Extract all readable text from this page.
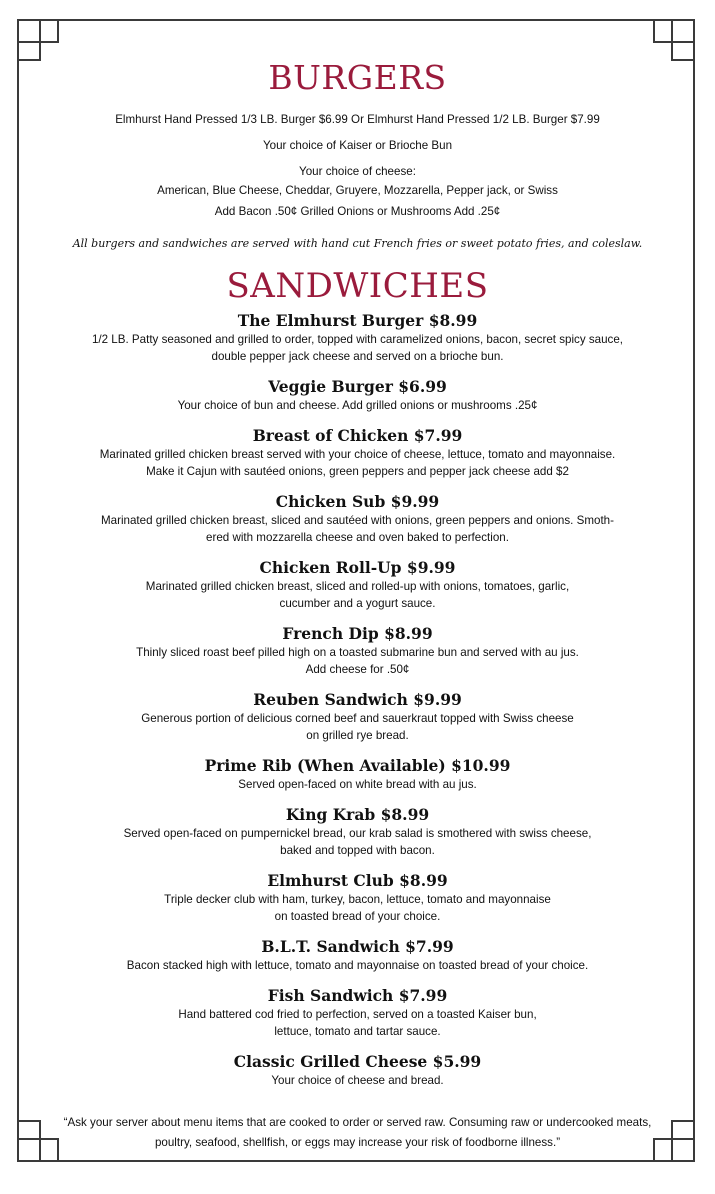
BURGERS
Elmhurst Hand Pressed 1/3 LB. Burger $6.99 Or Elmhurst Hand Pressed 1/2 LB. Burger $7.99
Your choice of Kaiser or Brioche Bun
Your choice of cheese:
American, Blue Cheese, Cheddar, Gruyere, Mozzarella, Pepper jack, or Swiss
Add Bacon .50¢ Grilled Onions or Mushrooms Add .25¢
All burgers and sandwiches are served with hand cut French fries or sweet potato fries, and coleslaw.
SANDWICHES
The Elmhurst Burger $8.99
1/2 LB. Patty seasoned and grilled to order, topped with caramelized onions, bacon, secret spicy sauce,
double pepper jack cheese and served on a brioche bun.
Veggie Burger $6.99
Your choice of bun and cheese. Add grilled onions or mushrooms .25¢
Breast of Chicken $7.99
Marinated grilled chicken breast served with your choice of cheese, lettuce, tomato and mayonnaise.
Make it Cajun with sautéed onions, green peppers and pepper jack cheese add $2
Chicken Sub $9.99
Marinated grilled chicken breast, sliced and sautéed with onions, green peppers and onions. Smoth-
ered with mozzarella cheese and oven baked to perfection.
Chicken Roll-Up $9.99
Marinated grilled chicken breast, sliced and rolled-up with onions, tomatoes, garlic,
cucumber and a yogurt sauce.
French Dip $8.99
Thinly sliced roast beef pilled high on a toasted submarine bun and served with au jus.
Add cheese for .50¢
Reuben Sandwich $9.99
Generous portion of delicious corned beef and sauerkraut topped with Swiss cheese
on grilled rye bread.
Prime Rib (When Available) $10.99
Served open-faced on white bread with au jus.
King Krab $8.99
Served open-faced on pumpernickel bread, our krab salad is smothered with swiss cheese,
baked and topped with bacon.
Elmhurst Club $8.99
Triple decker club with ham, turkey, bacon, lettuce, tomato and mayonnaise
on toasted bread of your choice.
B.L.T. Sandwich $7.99
Bacon stacked high with lettuce, tomato and mayonnaise on toasted bread of your choice.
Fish Sandwich $7.99
Hand battered cod fried to perfection, served on a toasted Kaiser bun,
lettuce, tomato and tartar sauce.
Classic Grilled Cheese $5.99
Your choice of cheese and bread.
“Ask your server about menu items that are cooked to order or served raw. Consuming raw or undercooked meats,
poultry, seafood, shellfish, or eggs may increase your risk of foodborne illness.”
